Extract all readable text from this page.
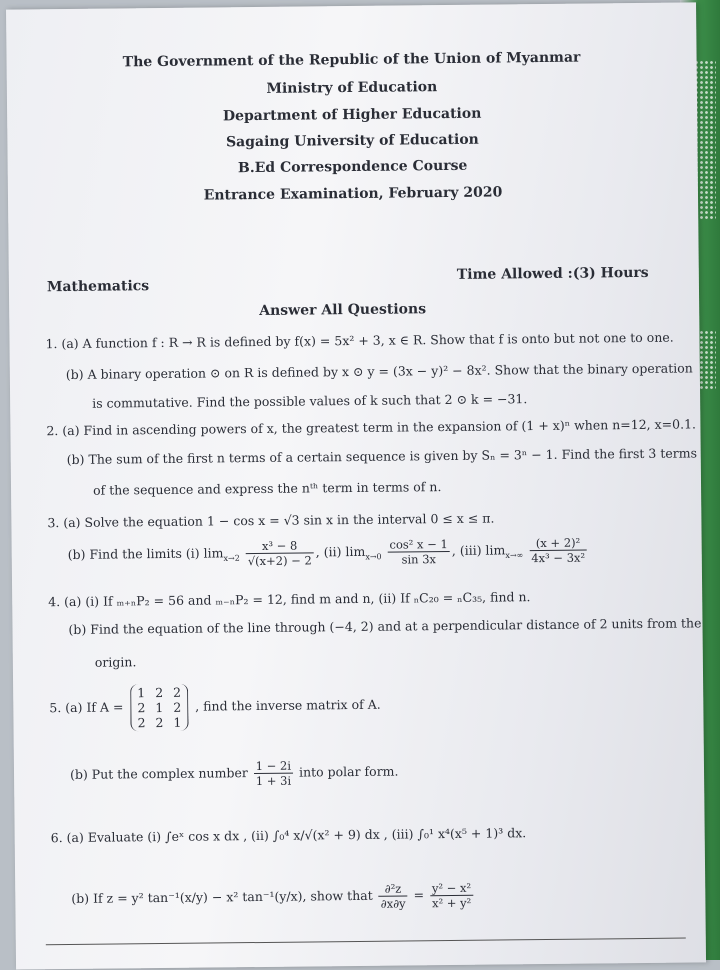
The Government of the Republic of the Union of Myanmar
Ministry of Education
Department of Higher Education
Sagaing University of Education
B.Ed Correspondence Course
Entrance Examination, February 2020
Mathematics
Time Allowed :(3) Hours
Answer All Questions
1. (a) A function f : R → R is defined by f(x) = 5x² + 3, x ∈ R. Show that f is onto but not one to one.
(b) A binary operation ⊙ on R is defined by x ⊙ y = (3x − y)² − 8x². Show that the binary operation
is commutative. Find the possible values of k such that 2 ⊙ k = −31.
2. (a) Find in ascending powers of x, the greatest term in the expansion of (1 + x)ⁿ when n=12, x=0.1.
(b) The sum of the first n terms of a certain sequence is given by Sₙ = 3ⁿ − 1. Find the first 3 terms
of the sequence and express the nᵗʰ term in terms of n.
3. (a) Solve the equation 1 − cos x = √3 sin x in the interval 0 ≤ x ≤ π.
(b) Find the limits (i) $\lim_{x\to 2} \frac{\text{x³ − 8}}{√(x+2) - 2}$ , (ii) $\lim_{x\to 0} \frac{\text{cos² x − 1}}{\sin 3x}$ , (iii) $\lim_{x\to\infty} \frac{\text{(x + 2)²}}{\text{4x³ − 3x²}}$
4. (a) (i) If ₘ₊ₙP₂ = 56 and ₘ₋ₙP₂ = 12, find m and n, (ii) If ₙC₂₀ = ₙC₃₅, find n.
(b) Find the equation of the line through (−4, 2) and at a perpendicular distance of 2 units from the
origin.
5. (a) If A =
1 2 2
2 1 2
2 2 1
, find the inverse matrix of A.
(b) Put the complex number $\frac{1 - 2i}{1 + 3i}$ into polar form.
6. (a) Evaluate (i) ∫eˣ cos x dx , (ii) ∫₀⁴ x/√(x² + 9) dx , (iii) ∫₀¹ x⁴(x⁵ + 1)³ dx.
(b) If z = y² tan⁻¹(x/y) − x² tan⁻¹(y/x), show that $\frac{\text{∂²z}}{\partial x\partial y} = \frac{\text{y² − x²}}{\text{x² + y²}}$
